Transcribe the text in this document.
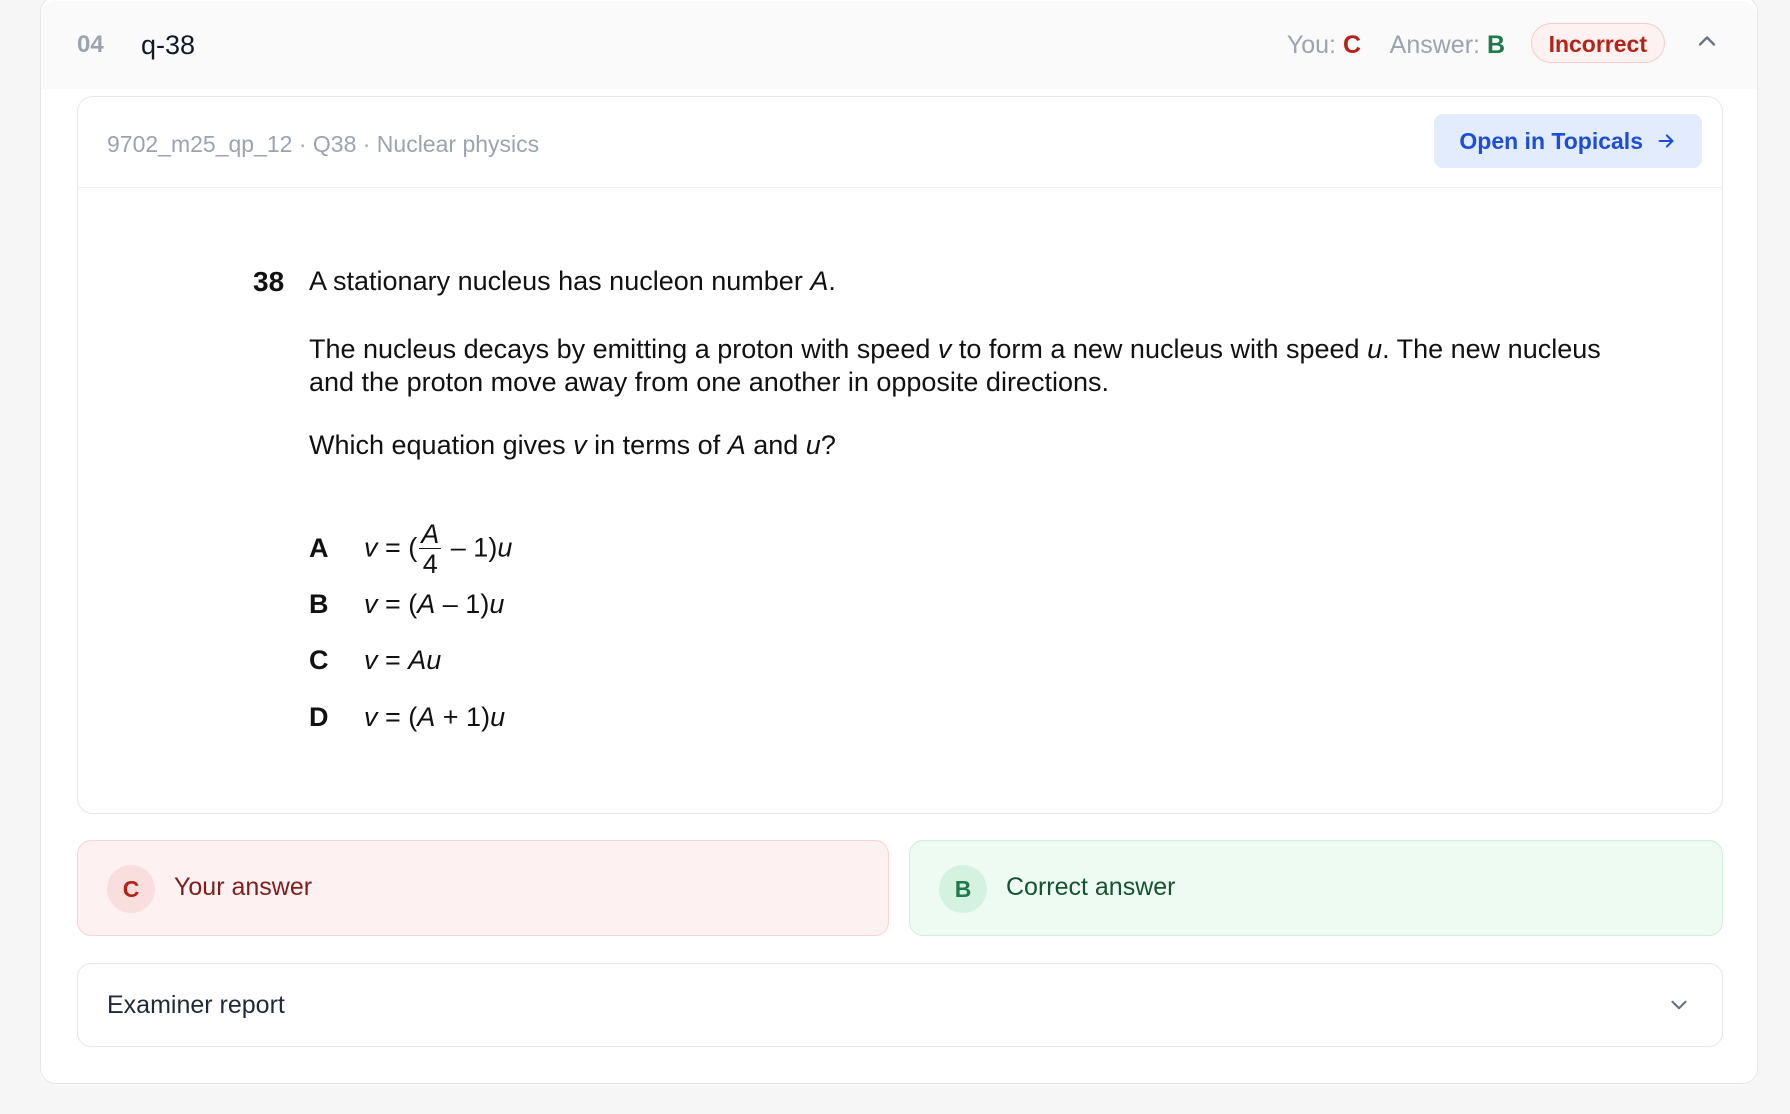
04 q-38	You: C Answer: B	Incorrect
9702_m25_qp_12 · Q38 · Nuclear physics	Open in Topicals
38 A stationary nucleus has nucleon number A.
The nucleus decays by emitting a proton with speed v to form a new nucleus with speed u. The new nucleus and the proton move away from one another in opposite directions.
Which equation gives v in terms of A and u?
A v = ( $\frac{A}{4} - 1)u$
B v = (A – 1)u
C v = Au
D v = (A + 1)u
C	Your answer	B	Correct answer
Examiner report
